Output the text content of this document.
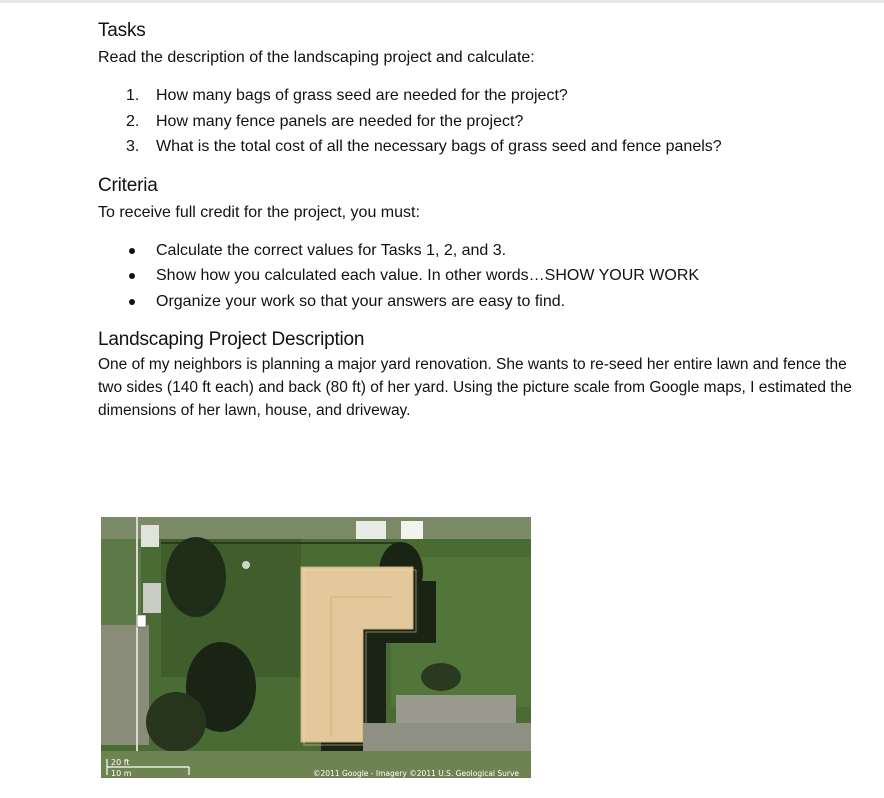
Tasks

Read the description of the landscaping project and calculate:

1. How many bags of grass seed are needed for the project?
2. How many fence panels are needed for the project?
3. What is the total cost of all the necessary bags of grass seed and fence panels?
Criteria

To receive full credit for the project, you must:

Calculate the correct values for Tasks 1, 2, and 3.
Show how you calculated each value. In other words…SHOW YOUR WORK
Organize your work so that your answers are easy to find.
Landscaping Project Description

One of my neighbors is planning a major yard renovation. She wants to re-seed her entire lawn and fence the two sides (140 ft each) and back (80 ft) of her yard. Using the picture scale from Google maps, I estimated the dimensions of her lawn, house, and driveway.

20 ft
10 m	©2011 Google - Imagery ©2011 U.S. Geological Surve
